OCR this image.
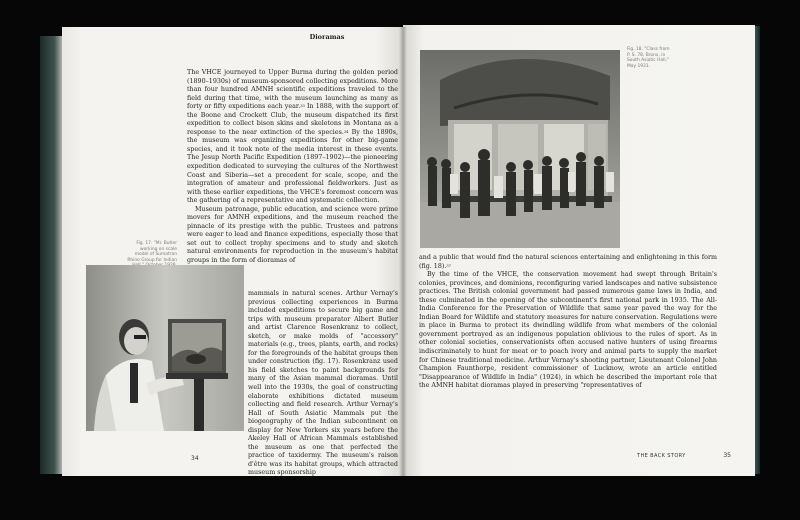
Dioramas

The VHCE journeyed to Upper Burma during the golden period (1890–1930s) of museum-sponsored collecting expeditions. More than four hundred AMNH scientific expeditions traveled to the field during that time, with the museum launching as many as forty or fifty expeditions each year.$^{33}$ In 1888, with the support of the Boone and Crockett Club, the museum dispatched its first expedition to collect bison skins and skeletons in Montana as a response to the near extinction of the species.$^{34}$ By the 1890s, the museum was organizing expeditions for other big-game species, and it took note of the media interest in these events. The Jesup North Pacific Expedition (1897–1902)—the pioneering expedition dedicated to surveying the cultures of the Northwest Coast and Siberia—set a precedent for scale, scope, and the integration of amateur and professional fieldworkers. Just as with these earlier expeditions, the VHCE's foremost concern was the gathering of a representative and systematic collection.

Museum patronage, public education, and science were prime movers for AMNH expeditions, and the museum reached the pinnacle of its prestige with the public. Trustees and patrons were eager to lead and finance expeditions, especially those that set out to collect trophy specimens and to study and sketch natural environments for reproduction in the museum's habitat groups in the form of dioramas of

Fig. 17. "Mr. Butler working on scale model of Sumatran Rhino Group for Indian

mammals in natural scenes. Arthur Vernay's previous collecting experiences in Burma included expeditions to secure big game and trips with museum preparator Albert Butler and artist Clarence Rosenkranz to collect, sketch, or make molds of "accessory" materials (e.g., trees, plants, earth, and rocks) for the foregrounds of the habitat groups then under construction (fig. 17). Rosenkranz used his field sketches to paint backgrounds for many of the Asian mammal dioramas. Until well into the 1930s, the goal of constructing elaborate exhibitions dictated museum collecting and field research. Arthur Vernay's Hall of South Asiatic Mammals put the biogeography of the Indian subcontinent on display for New Yorkers six years before the Akeley Hall of African Mammals established the museum as one that perfected the practice of taxidermy. The museum's raison d'être was its habitat groups, which attracted museum sponsorship

34
Fig. 18. "Class from P. S. 78, Bronx, in South Asiatic Hall," May 1931.

and a public that would find the natural sciences entertaining and enlightening in this form (fig. 18).$^{37}$

By the time of the VHCE, the conservation movement had swept through Britain's colonies, provinces, and dominions, reconfiguring varied landscapes and native subsistence practices. The British colonial government had passed numerous game laws in India, and these culminated in the opening of the subcontinent's first national park in 1935. The All-India Conference for the Preservation of Wildlife that same year paved the way for the Indian Board for Wildlife and statutory measures for nature conservation. Regulations were in place in Burma to protect its dwindling wildlife from what members of the colonial government portrayed as an indigenous population oblivious to the rules of sport. As in other colonial societies, conservationists often accused native hunters of using firearms indiscriminately to hunt for meat or to poach ivory and animal parts to supply the market for Chinese traditional medicine. Arthur Vernay's shooting partner, Lieutenant Colonel John Champion Faunthorpe, resident commissioner of Lucknow, wrote an article entitled "Disappearance of Wildlife in India" (1924), in which he described the important role that the AMNH habitat dioramas played in preserving "representatives of

THE BACK STORY	35
